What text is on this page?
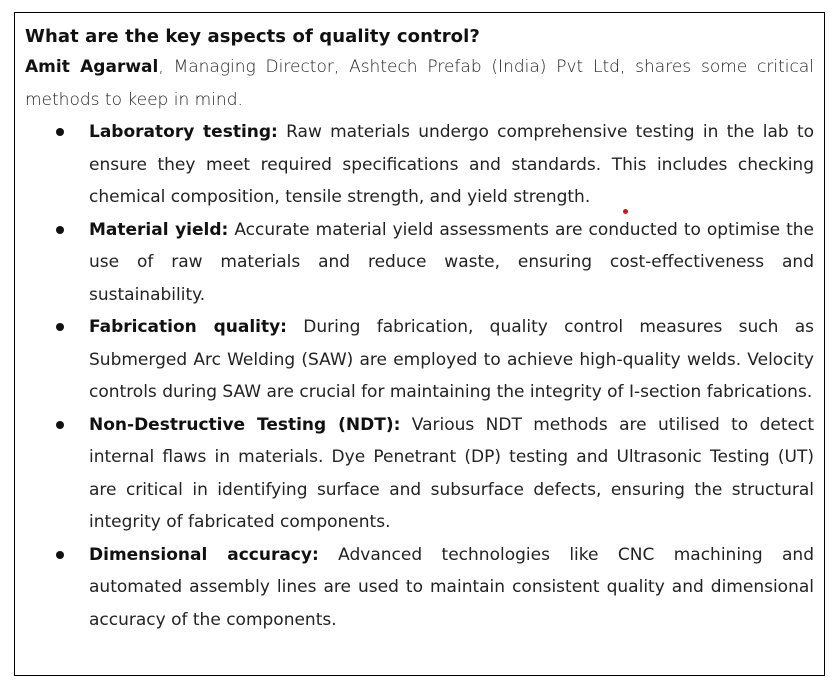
What are the key aspects of quality control?
Amit Agarwal, Managing Director, Ashtech Prefab (India) Pvt Ltd, shares some critical methods to keep in mind.
Laboratory testing: Raw materials undergo comprehensive testing in the lab to ensure they meet required specifications and standards. This includes checking chemical composition, tensile strength, and yield strength.
Material yield: Accurate material yield assessments are conducted to optimise the use of raw materials and reduce waste, ensuring cost-effectiveness and sustainability.
Fabrication quality: During fabrication, quality control measures such as Submerged Arc Welding (SAW) are employed to achieve high-quality welds. Velocity controls during SAW are crucial for maintaining the integrity of I-section fabrications.
Non-Destructive Testing (NDT): Various NDT methods are utilised to detect internal flaws in materials. Dye Penetrant (DP) testing and Ultrasonic Testing (UT) are critical in identifying surface and subsurface defects, ensuring the structural integrity of fabricated components.
Dimensional accuracy: Advanced technologies like CNC machining and automated assembly lines are used to maintain consistent quality and dimensional accuracy of the components.
